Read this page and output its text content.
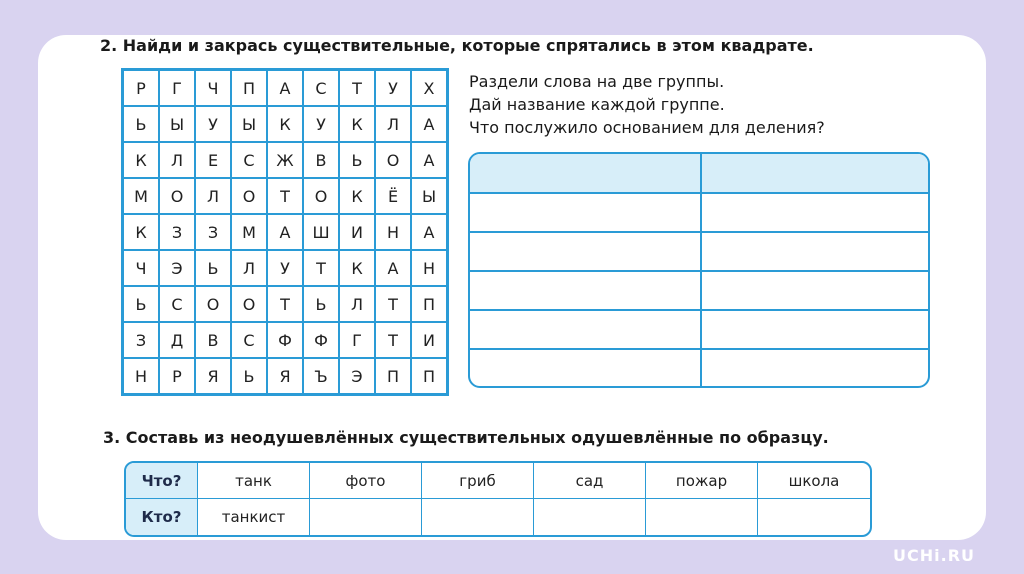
2. Найди и закрась существительные, которые спрятались в этом квадрате.
Р	Г	Ч	П	А	С	Т	У	Х
Ь	Ы	У	Ы	К	У	К	Л	А
К	Л	Е	С	Ж	В	Ь	О	А
М	О	Л	О	Т	О	К	Ё	Ы
К	З	З	М	А	Ш	И	Н	А
Ч	Э	Ь	Л	У	Т	К	А	Н
Ь	С	О	О	Т	Ь	Л	Т	П
З	Д	В	С	Ф	Ф	Г	Т	И
Н	Р	Я	Ь	Я	Ъ	Э	П	П
Раздели слова на две группы.
Дай название каждой группе.
Что послужило основанием для деления?
3. Составь из неодушевлённых существительных одушевлённые по образцу.
Что?	танк	фото	гриб	сад	пожар	школа
Кто?	танкист
UCHi.RU
